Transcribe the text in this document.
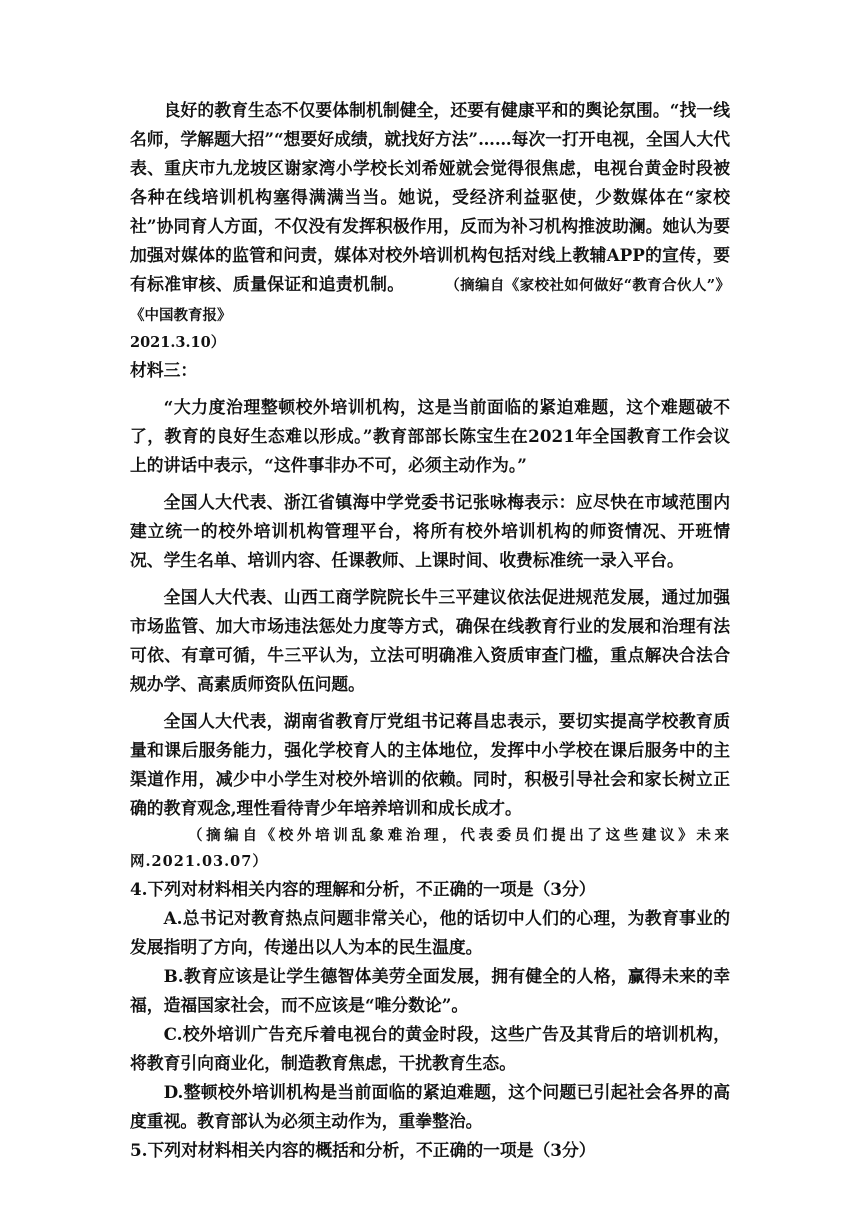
良好的教育生态不仅要体制机制健全，还要有健康平和的舆论氛围。“找一线名师，学解题大招”“想要好成绩，就找好方法”……每次一打开电视，全国人大代表、重庆市九龙坡区谢家湾小学校长刘希娅就会觉得很焦虑，电视台黄金时段被各种在线培训机构塞得满满当当。她说，受经济利益驱使，少数媒体在“家校社”协同育人方面，不仅没有发挥积极作用，反而为补习机构推波助澜。她认为要加强对媒体的监管和问责，媒体对校外培训机构包括对线上教辅APP的宣传，要有标准审核、质量保证和追责机制。	（摘编自《家校社如何做好“教育合伙人”》《中国教育报》

2021.3.10）

材料三：

“大力度治理整顿校外培训机构，这是当前面临的紧迫难题，这个难题破不了，教育的良好生态难以形成。”教育部部长陈宝生在2021年全国教育工作会议上的讲话中表示，“这件事非办不可，必须主动作为。”

全国人大代表、浙江省镇海中学党委书记张咏梅表示：应尽快在市域范围内建立统一的校外培训机构管理平台，将所有校外培训机构的师资情况、开班情况、学生名单、培训内容、任课教师、上课时间、收费标准统一录入平台。

全国人大代表、山西工商学院院长牛三平建议依法促进规范发展，通过加强市场监管、加大市场违法惩处力度等方式，确保在线教育行业的发展和治理有法可依、有章可循，牛三平认为，立法可明确准入资质审查门槛，重点解决合法合规办学、高素质师资队伍问题。

全国人大代表，湖南省教育厅党组书记蒋昌忠表示，要切实提高学校教育质量和课后服务能力，强化学校育人的主体地位，发挥中小学校在课后服务中的主渠道作用，减少中小学生对校外培训的依赖。同时，积极引导社会和家长树立正确的教育观念,理性看待青少年培养培训和成长成才。

（摘编自《校外培训乱象难治理，代表委员们提出了这些建议》未来网.2021.03.07）

4.下列对材料相关内容的理解和分析，不正确的一项是（3分）

A.总书记对教育热点问题非常关心，他的话切中人们的心理，为教育事业的发展指明了方向，传递出以人为本的民生温度。

B.教育应该是让学生德智体美劳全面发展，拥有健全的人格，赢得未来的幸福，造福国家社会，而不应该是“唯分数论”。

C.校外培训广告充斥着电视台的黄金时段，这些广告及其背后的培训机构，将教育引向商业化，制造教育焦虑，干扰教育生态。

D.整顿校外培训机构是当前面临的紧迫难题，这个问题已引起社会各界的高度重视。教育部认为必须主动作为，重拳整治。

5.下列对材料相关内容的概括和分析，不正确的一项是（3分）
